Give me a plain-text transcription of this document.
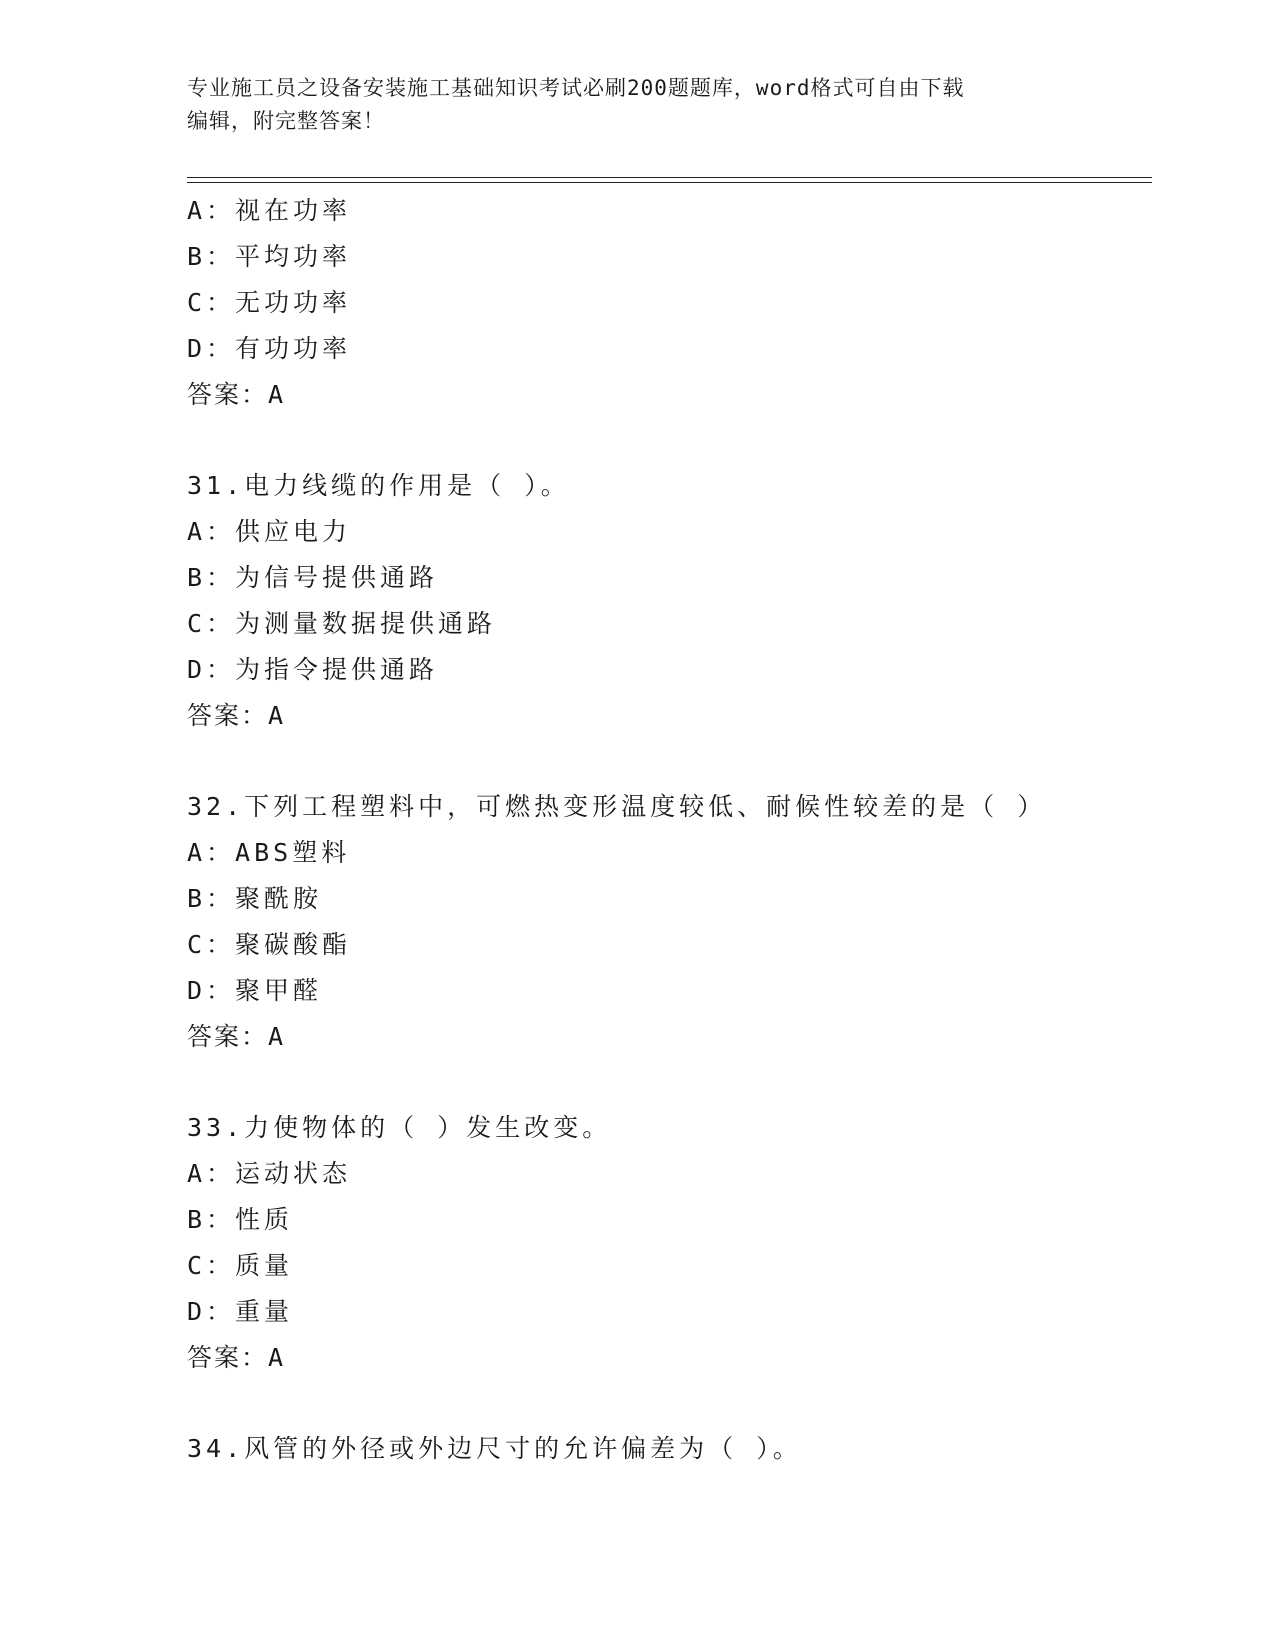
专业施工员之设备安装施工基础知识考试必刷200题题库，word格式可自由下载
编辑，附完整答案！
A：视在功率
B：平均功率
C：无功功率
D：有功功率
答案：A
31.电力线缆的作用是（ ）。
A：供应电力
B：为信号提供通路
C：为测量数据提供通路
D：为指令提供通路
答案：A
32.下列工程塑料中，可燃热变形温度较低、耐候性较差的是（ ）
A：ABS塑料
B：聚酰胺
C：聚碳酸酯
D：聚甲醛
答案：A
33.力使物体的（ ）发生改变。
A：运动状态
B：性质
C：质量
D：重量
答案：A
34.风管的外径或外边尺寸的允许偏差为（ ）。
